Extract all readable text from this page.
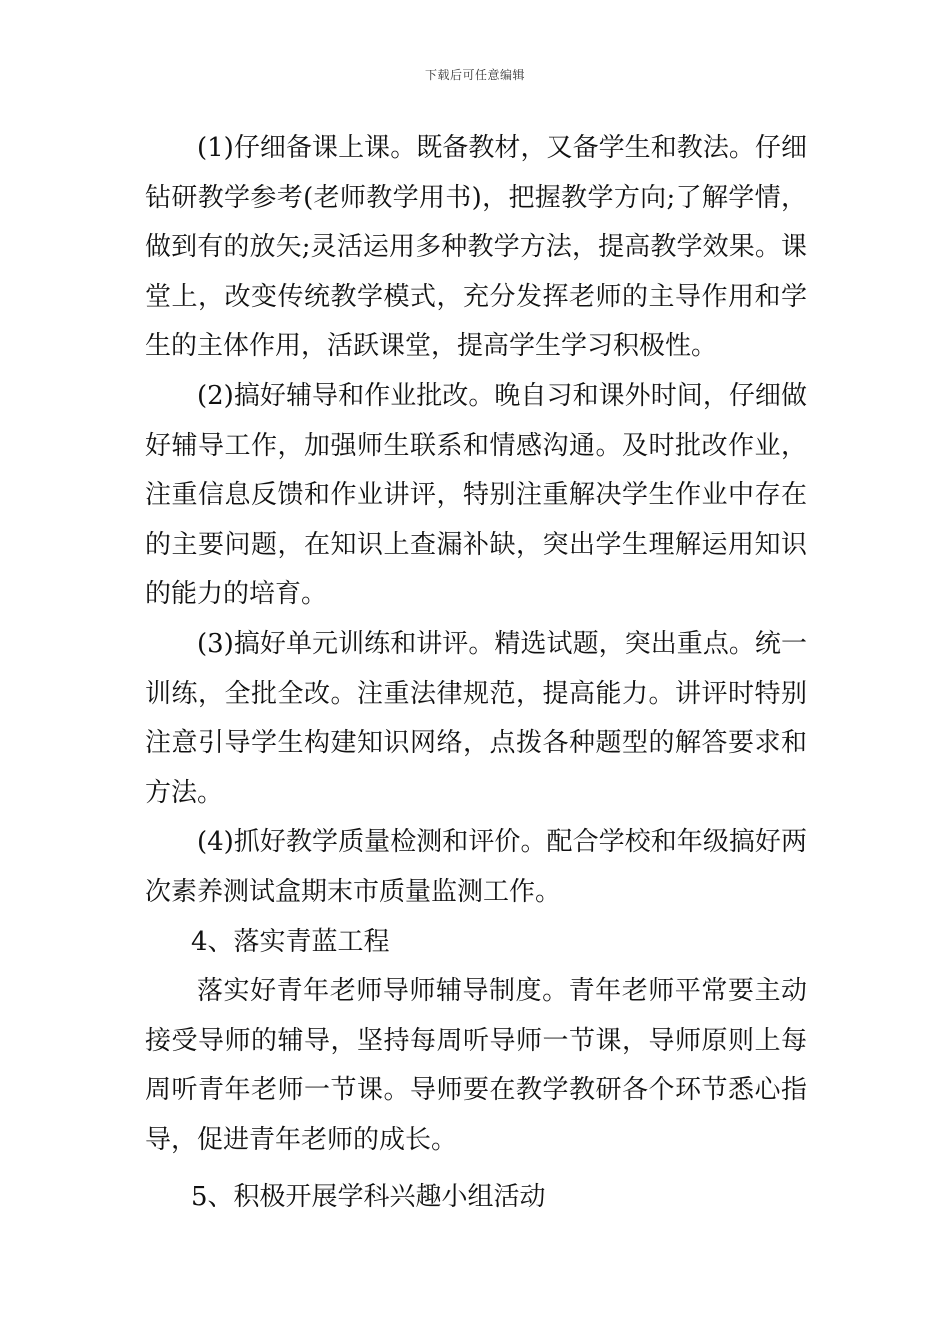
下载后可任意编辑

(1)仔细备课上课。既备教材，又备学生和教法。仔细钻研教学参考(老师教学用书)，把握教学方向;了解学情，做到有的放矢;灵活运用多种教学方法，提高教学效果。课堂上，改变传统教学模式，充分发挥老师的主导作用和学生的主体作用，活跃课堂，提高学生学习积极性。

(2)搞好辅导和作业批改。晚自习和课外时间，仔细做好辅导工作，加强师生联系和情感沟通。及时批改作业，注重信息反馈和作业讲评，特别注重解决学生作业中存在的主要问题，在知识上查漏补缺，突出学生理解运用知识的能力的培育。

(3)搞好单元训练和讲评。精选试题，突出重点。统一训练，全批全改。注重法律规范，提高能力。讲评时特别注意引导学生构建知识网络，点拨各种题型的解答要求和方法。

(4)抓好教学质量检测和评价。配合学校和年级搞好两次素养测试盒期末市质量监测工作。

4、落实青蓝工程

落实好青年老师导师辅导制度。青年老师平常要主动接受导师的辅导，坚持每周听导师一节课，导师原则上每周听青年老师一节课。导师要在教学教研各个环节悉心指导，促进青年老师的成长。

5、积极开展学科兴趣小组活动
